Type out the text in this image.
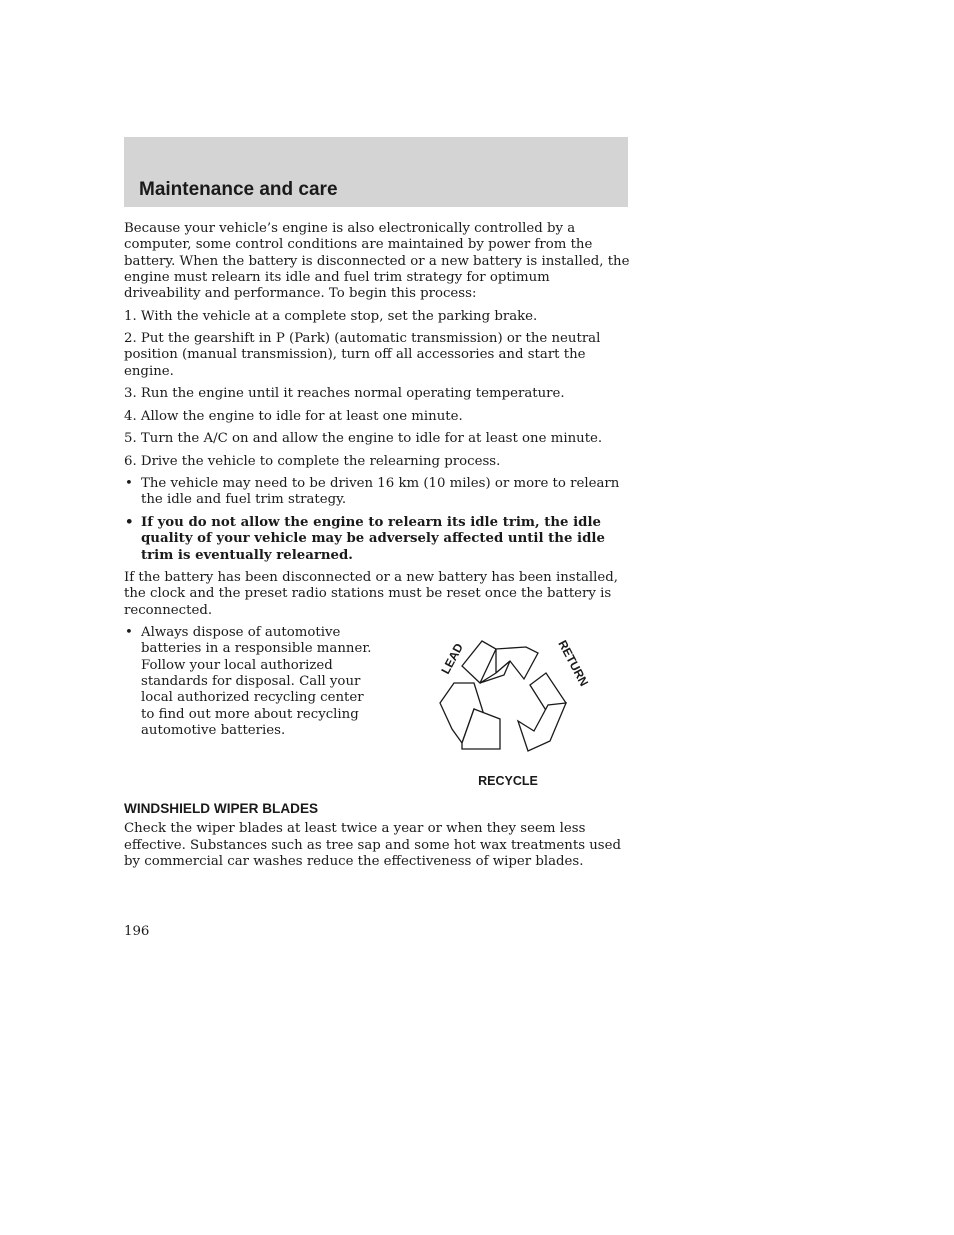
Maintenance and care

Because your vehicle’s engine is also electronically controlled by a computer, some control conditions are maintained by power from the battery. When the battery is disconnected or a new battery is installed, the engine must relearn its idle and fuel trim strategy for optimum driveability and performance. To begin this process:

1. With the vehicle at a complete stop, set the parking brake.

2. Put the gearshift in P (Park) (automatic transmission) or the neutral position (manual transmission), turn off all accessories and start the engine.

3. Run the engine until it reaches normal operating temperature.

4. Allow the engine to idle for at least one minute.

5. Turn the A/C on and allow the engine to idle for at least one minute.

6. Drive the vehicle to complete the relearning process.

• The vehicle may need to be driven 16 km (10 miles) or more to relearn the idle and fuel trim strategy.
• If you do not allow the engine to relearn its idle trim, the idle quality of your vehicle may be adversely affected until the idle trim is eventually relearned.

If the battery has been disconnected or a new battery has been installed, the clock and the preset radio stations must be reset once the battery is reconnected.

• Always dispose of automotive batteries in a responsible manner. Follow your local authorized standards for disposal. Call your local authorized recycling center to find out more about recycling automotive batteries.
LEAD	RETURN
RECYCLE
WINDSHIELD WIPER BLADES

Check the wiper blades at least twice a year or when they seem less effective. Substances such as tree sap and some hot wax treatments used by commercial car washes reduce the effectiveness of wiper blades.

196
